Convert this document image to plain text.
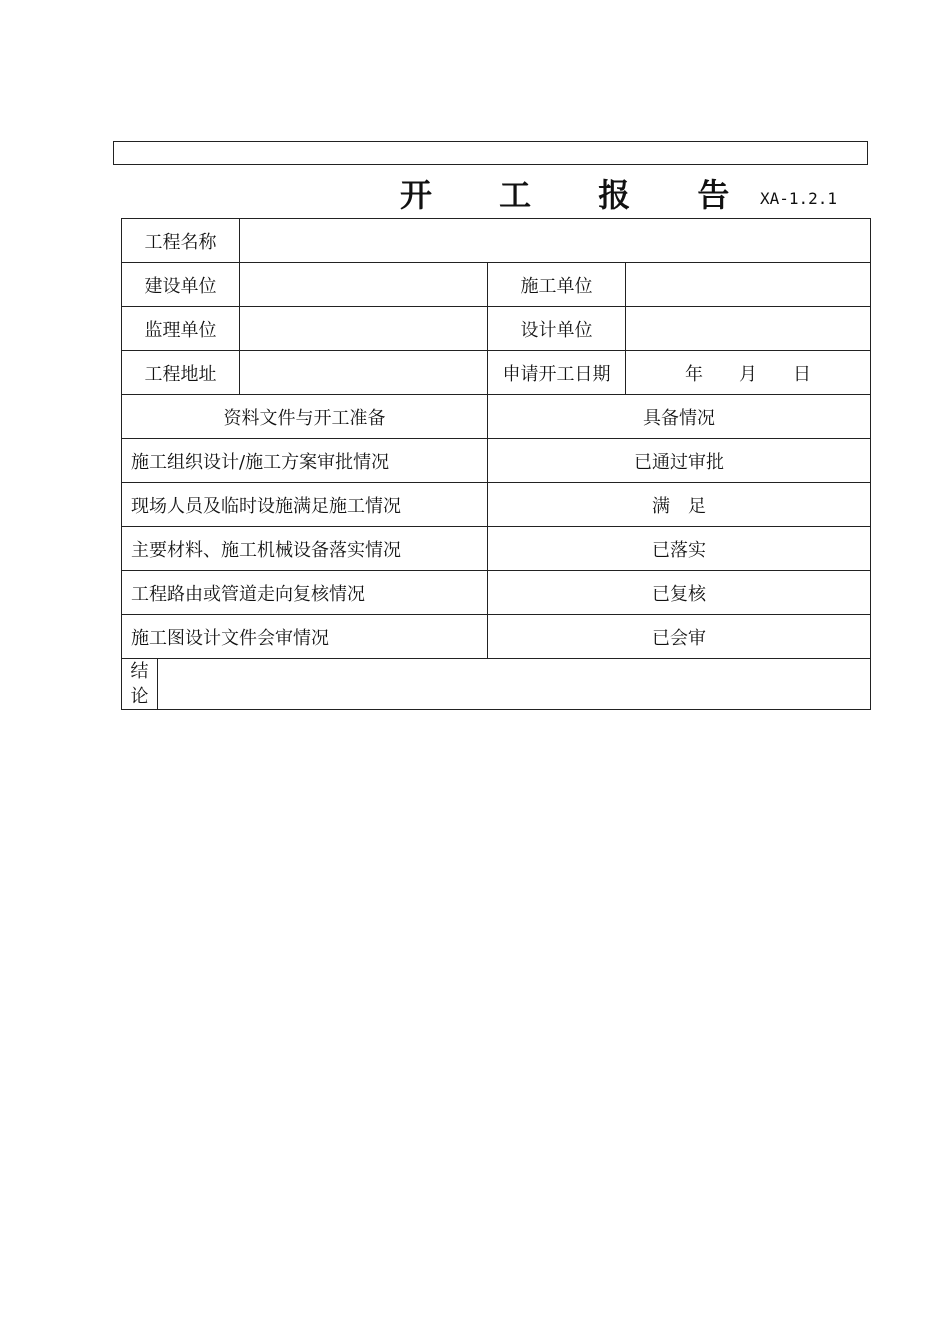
开 工 报 告 XA-1.2.1
工程名称				
建设单位			施工单位	
监理单位			设计单位	
工程地址			申请开工日期	年 月 日
资料文件与开工准备			具备情况	
施工组织设计/施工方案审批情况			已通过审批	
现场人员及临时设施满足施工情况			满　足	
主要材料、施工机械设备落实情况			已落实	
工程路由或管道走向复核情况			已复核	
施工图设计文件会审情况			已会审	

结
论				
